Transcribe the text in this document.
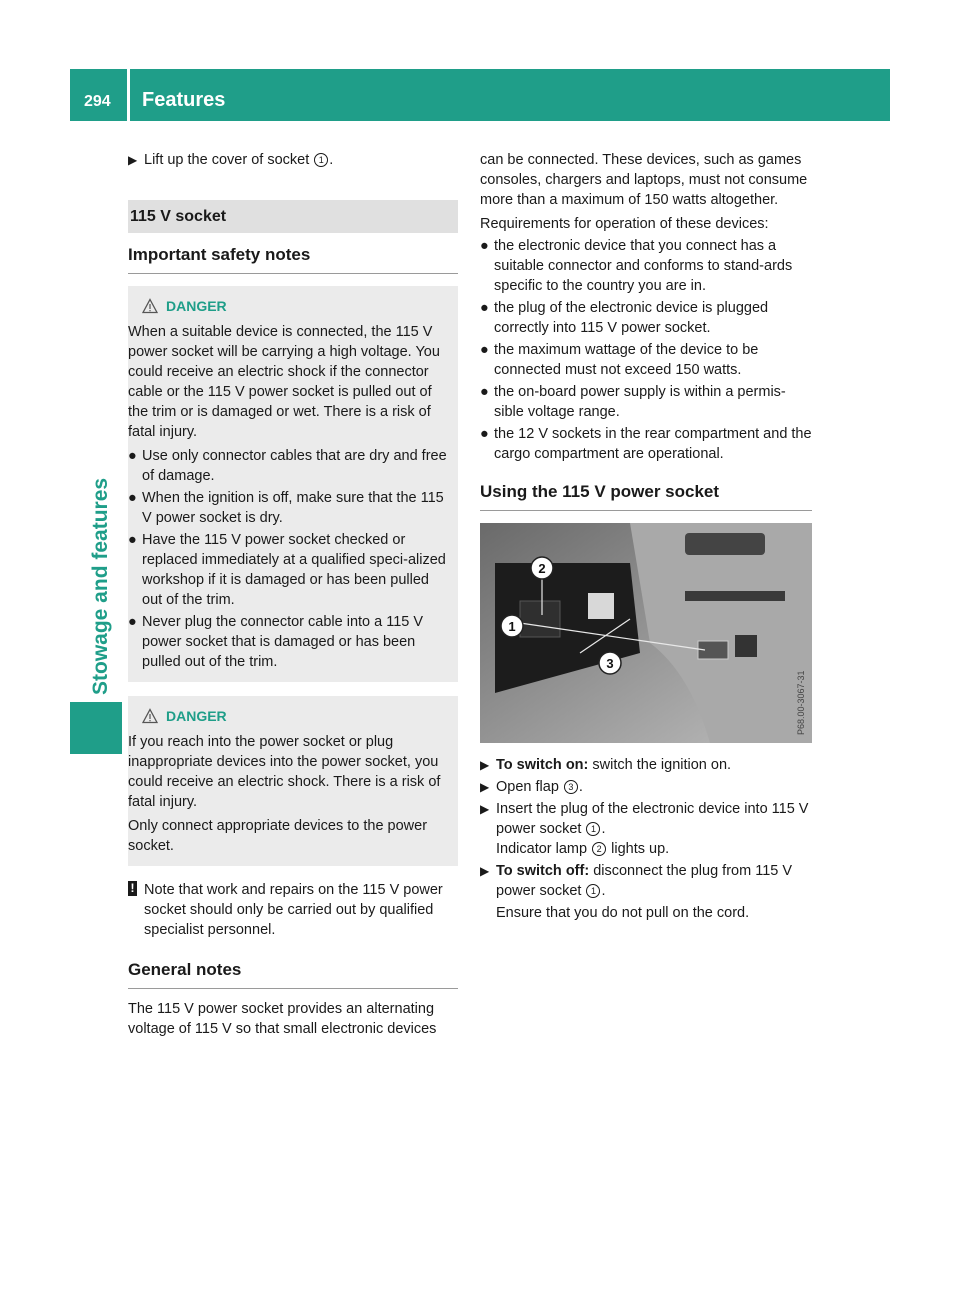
294	Features
Stowage and features
▶ Lift up the cover of socket 1 .
115 V socket
Important safety notes
DANGER

When a suitable device is connected, the 115 V power socket will be carrying a high voltage. You could receive an electric shock if the connector cable or the 115 V power socket is pulled out of the trim or is damaged or wet. There is a risk of fatal injury.

● Use only connector cables that are dry and free of damage.
● When the ignition is off, make sure that the 115 V power socket is dry.
● Have the 115 V power socket checked or replaced immediately at a qualified speci-alized workshop if it is damaged or has been pulled out of the trim.
● Never plug the connector cable into a 115 V power socket that is damaged or has been pulled out of the trim.
DANGER

If you reach into the power socket or plug inappropriate devices into the power socket, you could receive an electric shock. There is a risk of fatal injury.

Only connect appropriate devices to the power socket.

! Note that work and repairs on the 115 V power socket should only be carried out by qualified specialist personnel.
General notes

The 115 V power socket provides an alternating voltage of 115 V so that small electronic devices

can be connected. These devices, such as games consoles, chargers and laptops, must not consume more than a maximum of 150 watts altogether.

Requirements for operation of these devices:

● the electronic device that you connect has a suitable connector and conforms to stand-ards specific to the country you are in.
● the plug of the electronic device is plugged correctly into 115 V power socket.
● the maximum wattage of the device to be connected must not exceed 150 watts.
● the on-board power supply is within a permis-sible voltage range.
● the 12 V sockets in the rear compartment and the cargo compartment are operational.
Using the 115 V power socket
1
2
3
P68.00-3067-31
▶ To switch on: switch the ignition on.
▶ Open flap 3 .
▶ Insert the plug of the electronic device into 115 V power socket 1 .
Indicator lamp 2 lights up.
▶ To switch off: disconnect the plug from 115 V power socket 1 .

Ensure that you do not pull on the cord.
